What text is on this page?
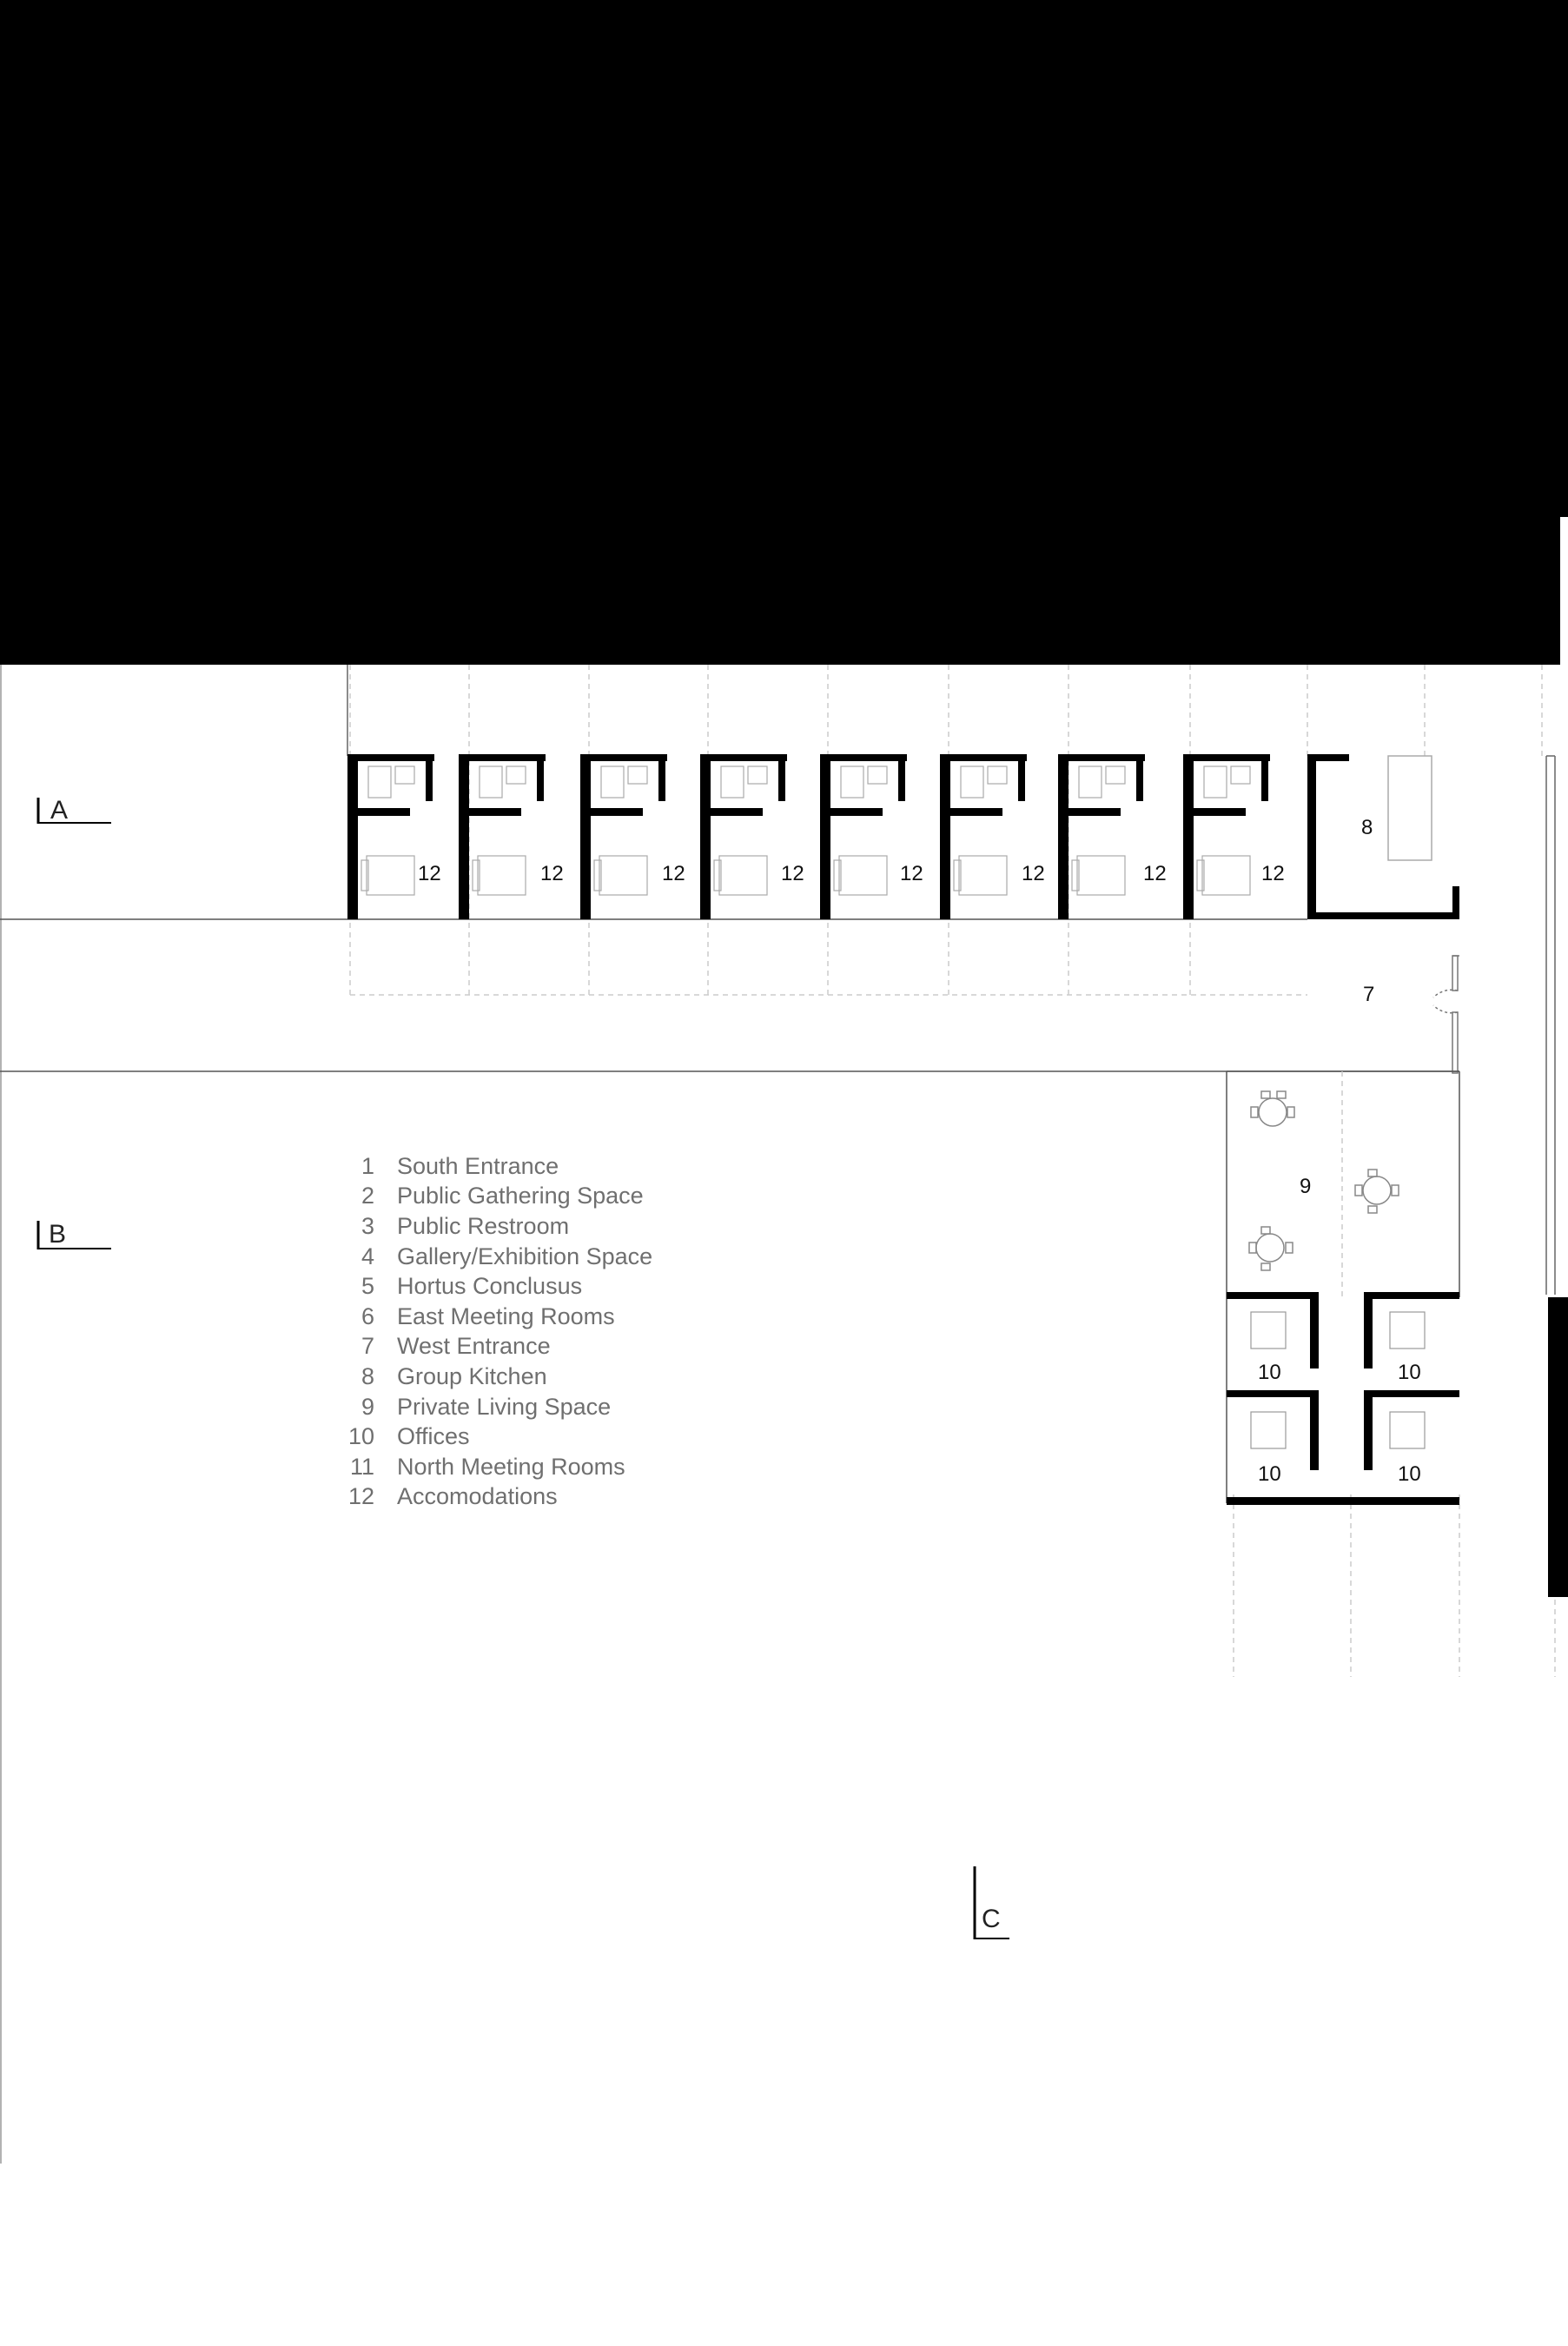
A
B
C
12	12	12	12	12	12	12	12
8
7
9
10	10
10	10
1 South Entrance
2 Public Gathering Space
3 Public Restroom
4 Gallery/Exhibition Space
5 Hortus Conclusus
6 East Meeting Rooms
7 West Entrance
8 Group Kitchen
9 Private Living Space
10 Offices
11 North Meeting Rooms
12 Accomodations
